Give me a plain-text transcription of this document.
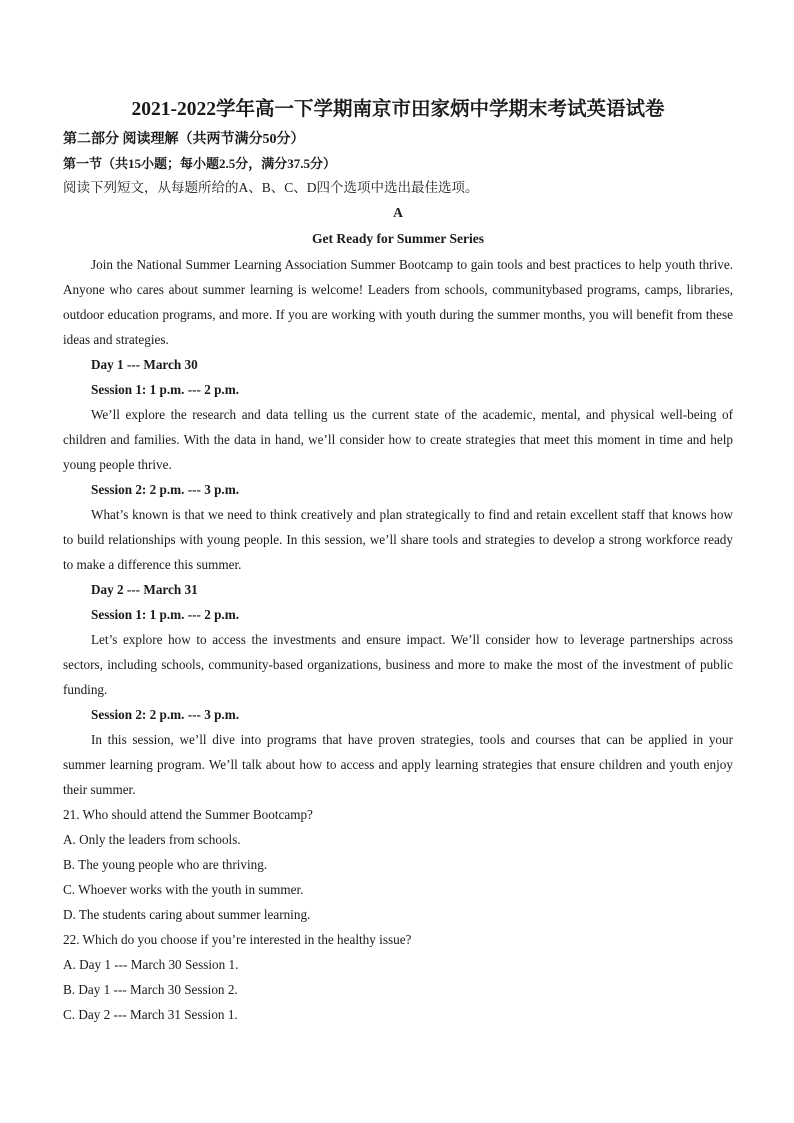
2021-2022学年高一下学期南京市田家炳中学期末考试英语试卷
第二部分 阅读理解（共两节满分50分）
第一节（共15小题；每小题2.5分，满分37.5分）
阅读下列短文，从每题所给的A、B、C、D四个选项中选出最佳选项。
A
Get Ready for Summer Series

Join the National Summer Learning Association Summer Bootcamp to gain tools and best practices to help youth thrive. Anyone who cares about summer learning is welcome! Leaders from schools, communitybased programs, camps, libraries, outdoor education programs, and more. If you are working with youth during the summer months, you will benefit from these ideas and strategies.

Day 1 --- March 30
Session 1: 1 p.m. --- 2 p.m.

We’ll explore the research and data telling us the current state of the academic, mental, and physical well-being of children and families. With the data in hand, we’ll consider how to create strategies that meet this moment in time and help young people thrive.

Session 2: 2 p.m. --- 3 p.m.

What’s known is that we need to think creatively and plan strategically to find and retain excellent staff that knows how to build relationships with young people. In this session, we’ll share tools and strategies to develop a strong workforce ready to make a difference this summer.

Day 2 --- March 31
Session 1: 1 p.m. --- 2 p.m.

Let’s explore how to access the investments and ensure impact. We’ll consider how to leverage partnerships across sectors, including schools, community-based organizations, business and more to make the most of the investment of public funding.

Session 2: 2 p.m. --- 3 p.m.

In this session, we’ll dive into programs that have proven strategies, tools and courses that can be applied in your summer learning program. We’ll talk about how to access and apply learning strategies that ensure children and youth enjoy their summer.

21. Who should attend the Summer Bootcamp?
A. Only the leaders from schools.
B. The young people who are thriving.
C. Whoever works with the youth in summer.
D. The students caring about summer learning.
22. Which do you choose if you’re interested in the healthy issue?
A. Day 1 --- March 30 Session 1.
B. Day 1 --- March 30 Session 2.
C. Day 2 --- March 31 Session 1.
